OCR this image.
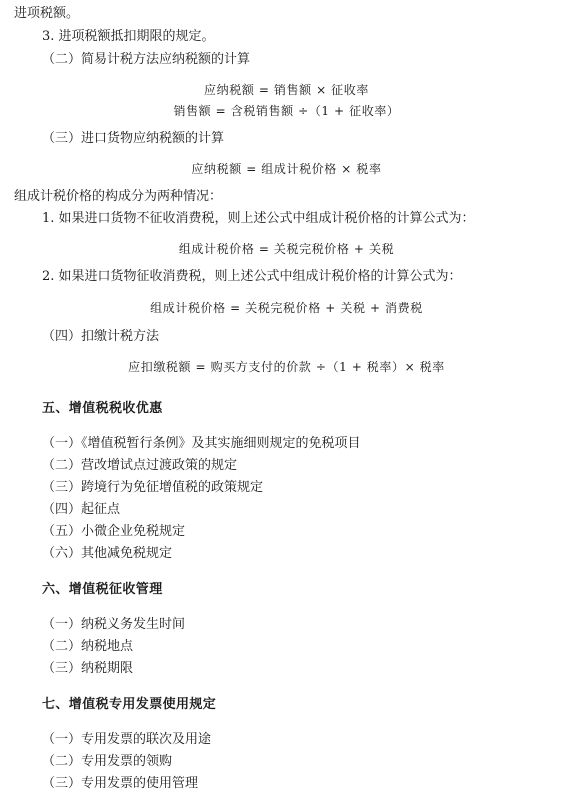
进项税额。
3. 进项税额抵扣期限的规定。
（二）简易计税方法应纳税额的计算
应纳税额 = 销售额 × 征收率
销售额 = 含税销售额 ÷（1 + 征收率）
（三）进口货物应纳税额的计算
应纳税额 = 组成计税价格 × 税率
组成计税价格的构成分为两种情况：
1. 如果进口货物不征收消费税，则上述公式中组成计税价格的计算公式为：
组成计税价格 = 关税完税价格 + 关税
2. 如果进口货物征收消费税，则上述公式中组成计税价格的计算公式为：
组成计税价格 = 关税完税价格 + 关税 + 消费税
（四）扣缴计税方法
应扣缴税额 = 购买方支付的价款 ÷（1 + 税率）× 税率
五、增值税税收优惠
（一）《增值税暂行条例》及其实施细则规定的免税项目
（二）营改增试点过渡政策的规定
（三）跨境行为免征增值税的政策规定
（四）起征点
（五）小微企业免税规定
（六）其他减免税规定
六、增值税征收管理
（一）纳税义务发生时间
（二）纳税地点
（三）纳税期限
七、增值税专用发票使用规定
（一）专用发票的联次及用途
（二）专用发票的领购
（三）专用发票的使用管理
